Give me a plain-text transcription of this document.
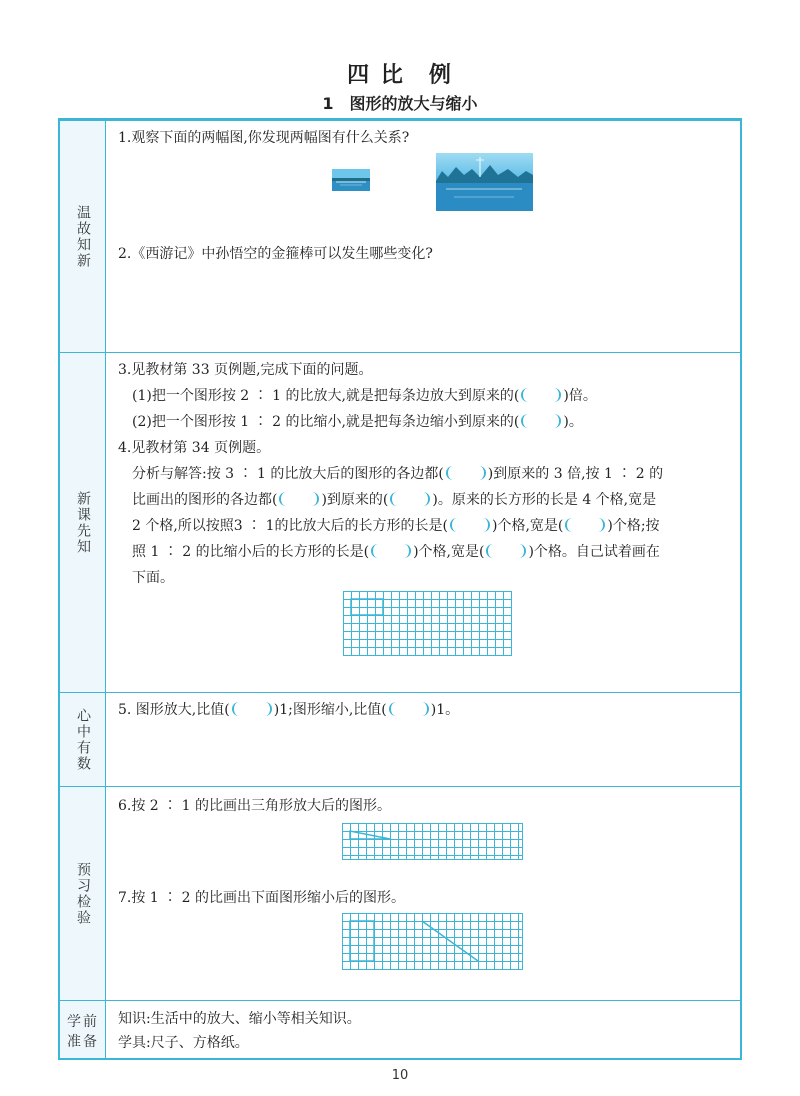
四 比　例
1　图形的放大与缩小
温故知新
1.观察下面的两幅图,你发现两幅图有什么关系?
2.《西游记》中孙悟空的金箍棒可以发生哪些变化?
新课先知
3.见教材第 33 页例题,完成下面的问题。
(1)把一个图形按 2 ∶ 1 的比放大,就是把每条边放大到原来的(	)倍。
(2)把一个图形按 1 ∶ 2 的比缩小,就是把每条边缩小到原来的(	)。
4.见教材第 34 页例题。
分析与解答:按 3 ∶ 1 的比放大后的图形的各边都(	)到原来的 3 倍,按 1 ∶ 2 的
比画出的图形的各边都(	)到原来的(	)。原来的长方形的长是 4 个格,宽是
2 个格,所以按照3 ∶ 1的比放大后的长方形的长是(	)个格,宽是(	)个格;按
照 1 ∶ 2 的比缩小后的长方形的长是(	)个格,宽是(	)个格。自己试着画在
下面。
心中有数 5. 图形放大,比值(	)1;图形缩小,比值(	)1。
预习检验
6.按 2 ∶ 1 的比画出三角形放大后的图形。
7.按 1 ∶ 2 的比画出下面图形缩小后的图形。
学前
准备
知识:生活中的放大、缩小等相关知识。
学具:尺子、方格纸。
10
